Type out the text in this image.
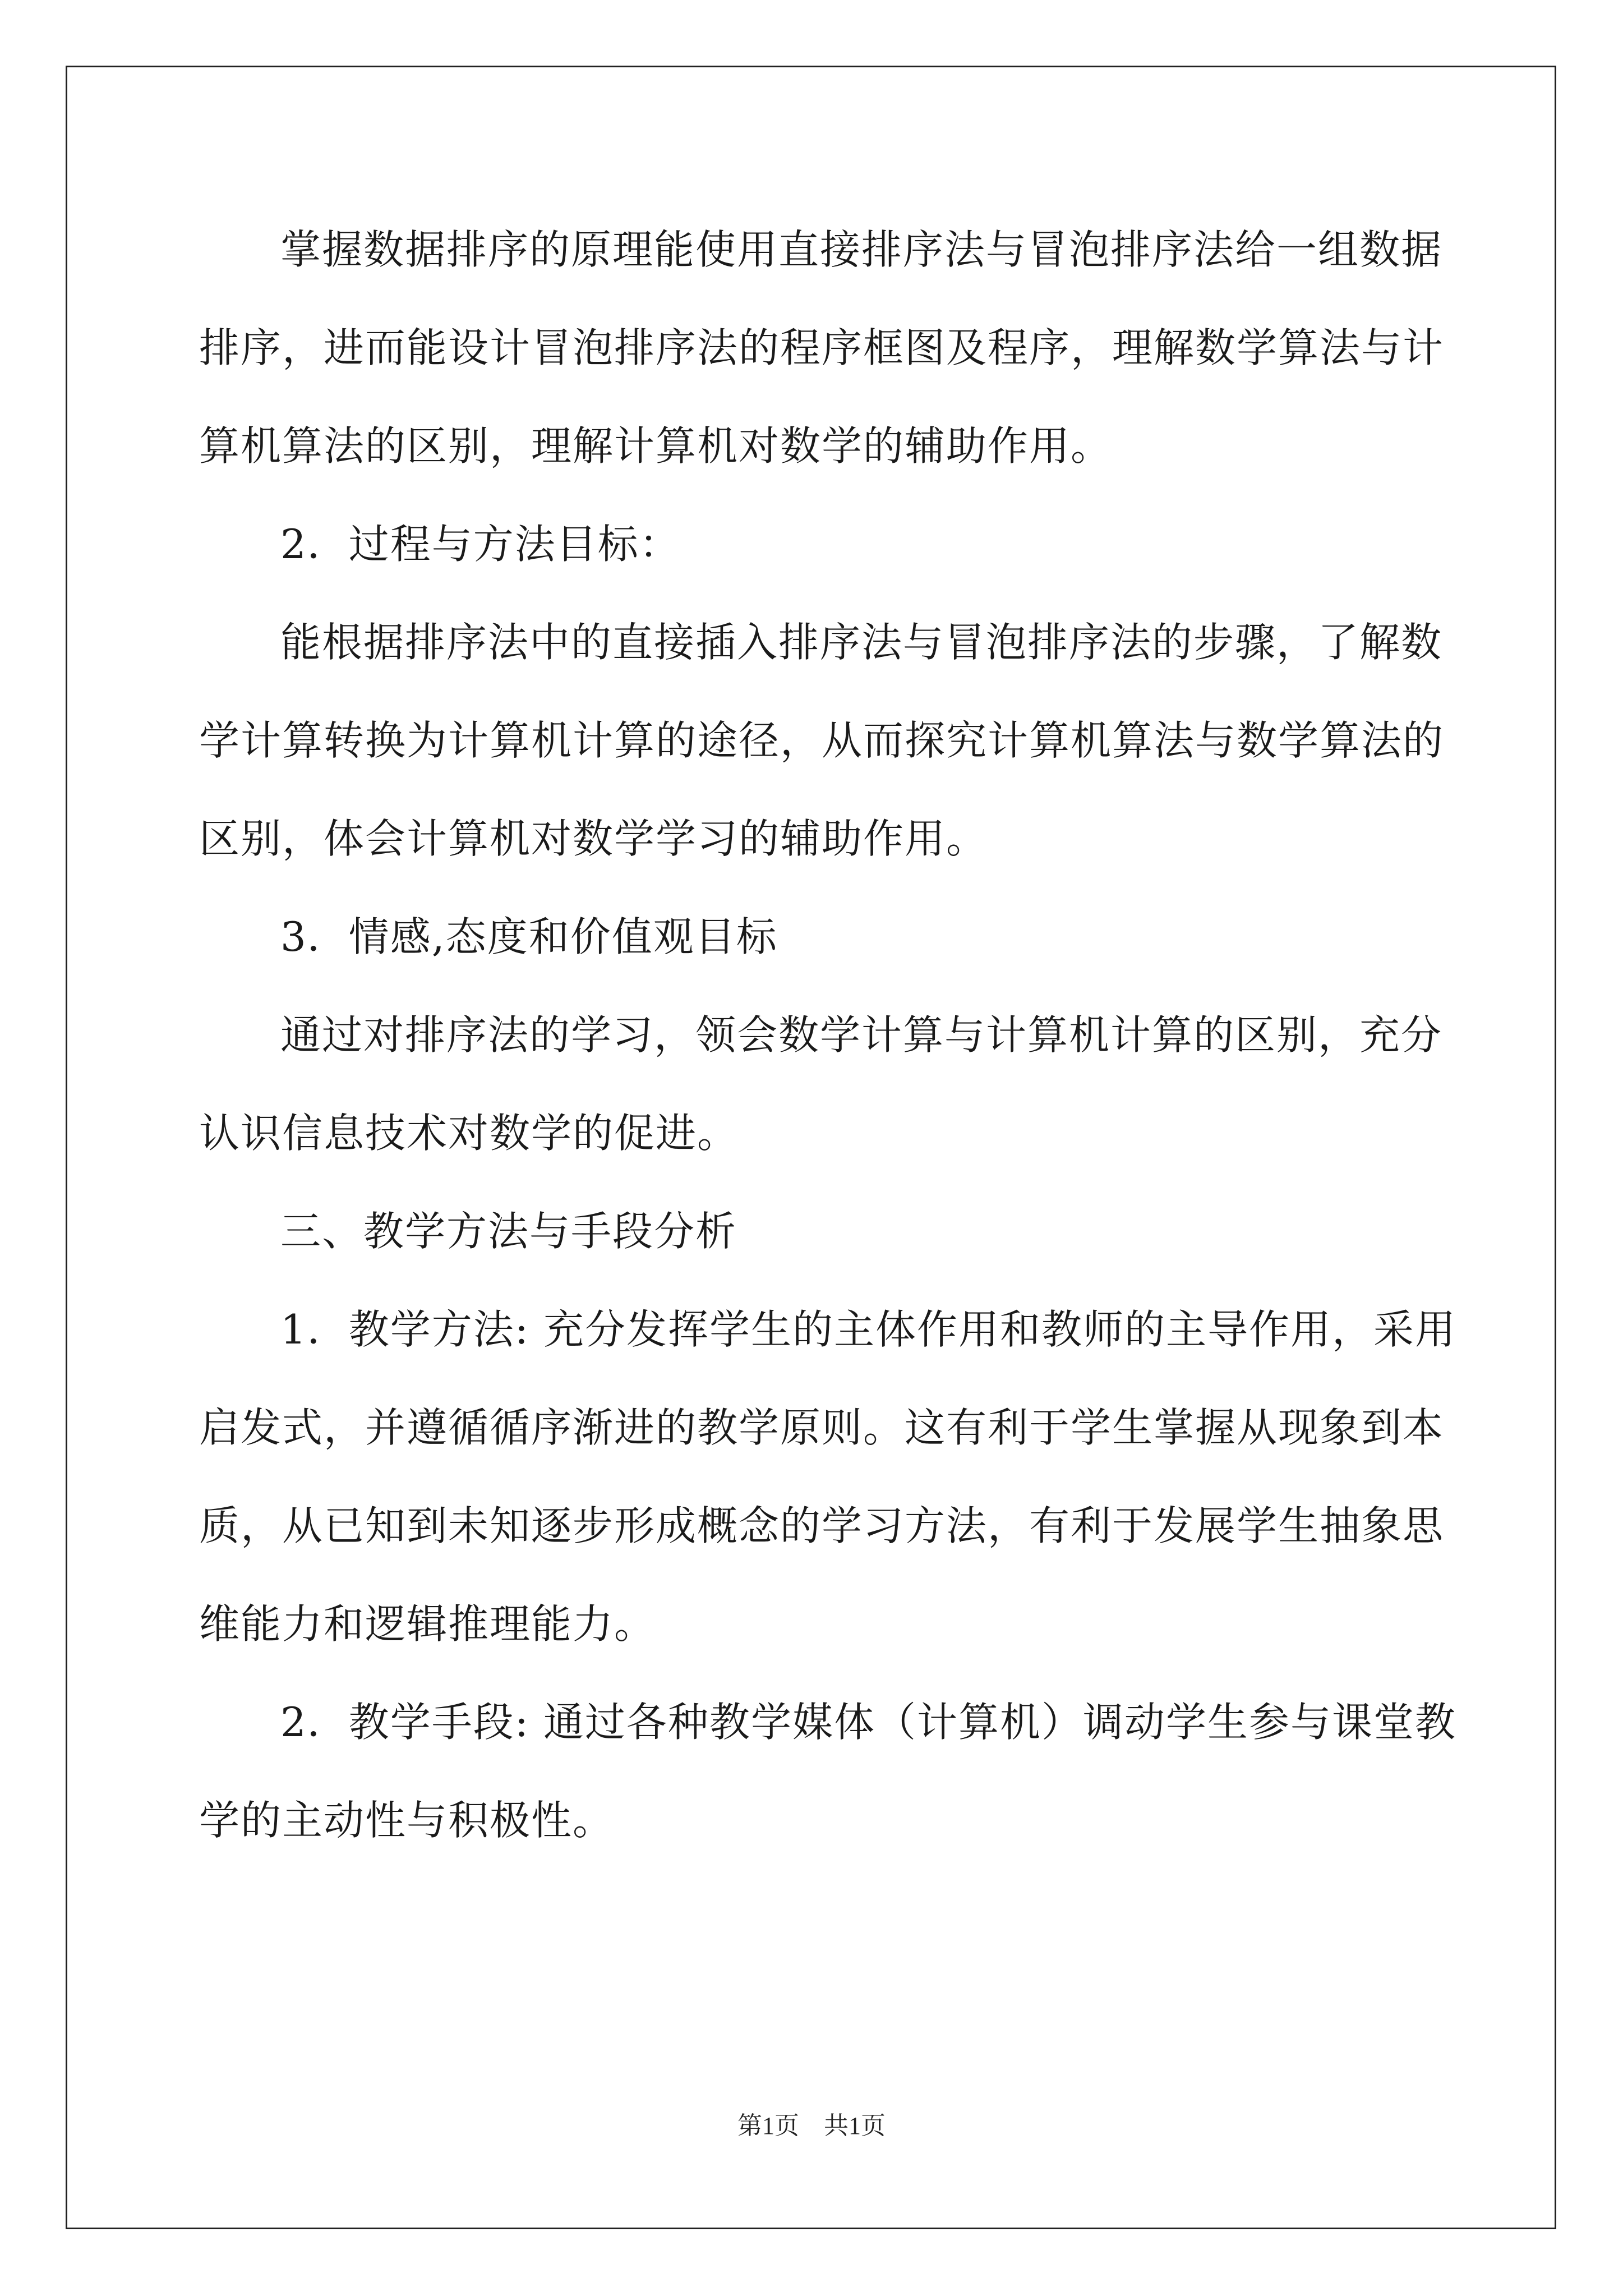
掌握数据排序的原理能使用直接排序法与冒泡排序法给一组数据
排序，进而能设计冒泡排序法的程序框图及程序，理解数学算法与计
算机算法的区别，理解计算机对数学的辅助作用。
2．过程与方法目标：
能根据排序法中的直接插入排序法与冒泡排序法的步骤，了解数
学计算转换为计算机计算的途径，从而探究计算机算法与数学算法的
区别，体会计算机对数学学习的辅助作用。
3．情感,态度和价值观目标
通过对排序法的学习，领会数学计算与计算机计算的区别，充分
认识信息技术对数学的促进。
三、教学方法与手段分析
1．教学方法: 充分发挥学生的主体作用和教师的主导作用，采用
启发式，并遵循循序渐进的教学原则。这有利于学生掌握从现象到本
质，从已知到未知逐步形成概念的学习方法，有利于发展学生抽象思
维能力和逻辑推理能力。
2．教学手段: 通过各种教学媒体（计算机）调动学生参与课堂教
学的主动性与积极性。
第1页　共1页
